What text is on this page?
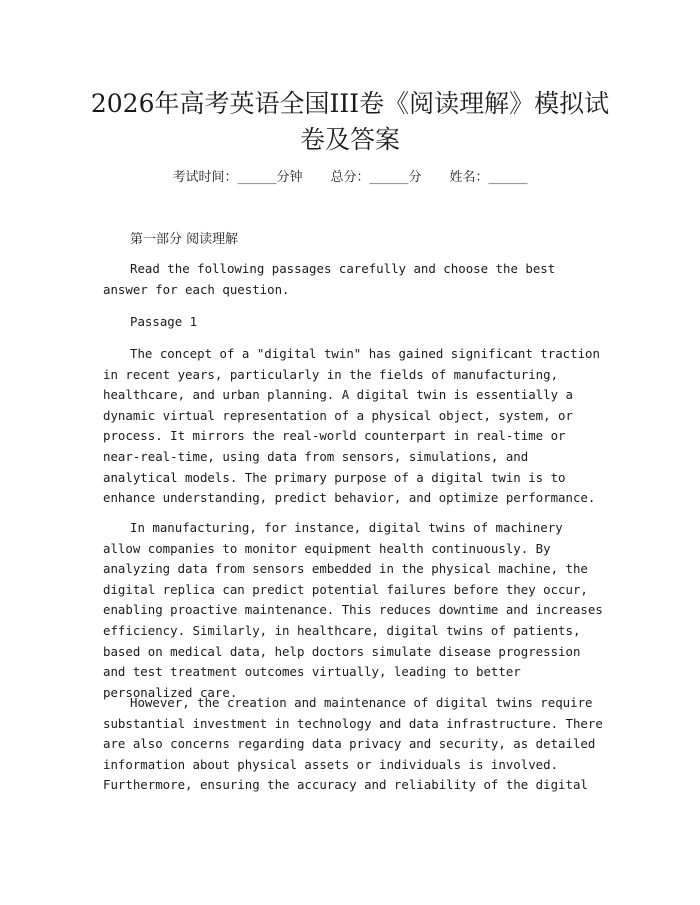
2026年高考英语全国III卷《阅读理解》模拟试卷及答案
考试时间：______分钟 总分：______分 姓名：______
第一部分 阅读理解

Read the following passages carefully and choose the best answer for each question.

Passage 1

The concept of a "digital twin" has gained significant traction in recent years, particularly in the fields of manufacturing, healthcare, and urban planning. A digital twin is essentially a dynamic virtual representation of a physical object, system, or process. It mirrors the real-world counterpart in real-time or near-real-time, using data from sensors, simulations, and analytical models. The primary purpose of a digital twin is to enhance understanding, predict behavior, and optimize performance.

In manufacturing, for instance, digital twins of machinery allow companies to monitor equipment health continuously. By analyzing data from sensors embedded in the physical machine, the digital replica can predict potential failures before they occur, enabling proactive maintenance. This reduces downtime and increases efficiency. Similarly, in healthcare, digital twins of patients, based on medical data, help doctors simulate disease progression and test treatment outcomes virtually, leading to better personalized care.

However, the creation and maintenance of digital twins require substantial investment in technology and data infrastructure. There are also concerns regarding data privacy and security, as detailed information about physical assets or individuals is involved. Furthermore, ensuring the accuracy and reliability of the digital
